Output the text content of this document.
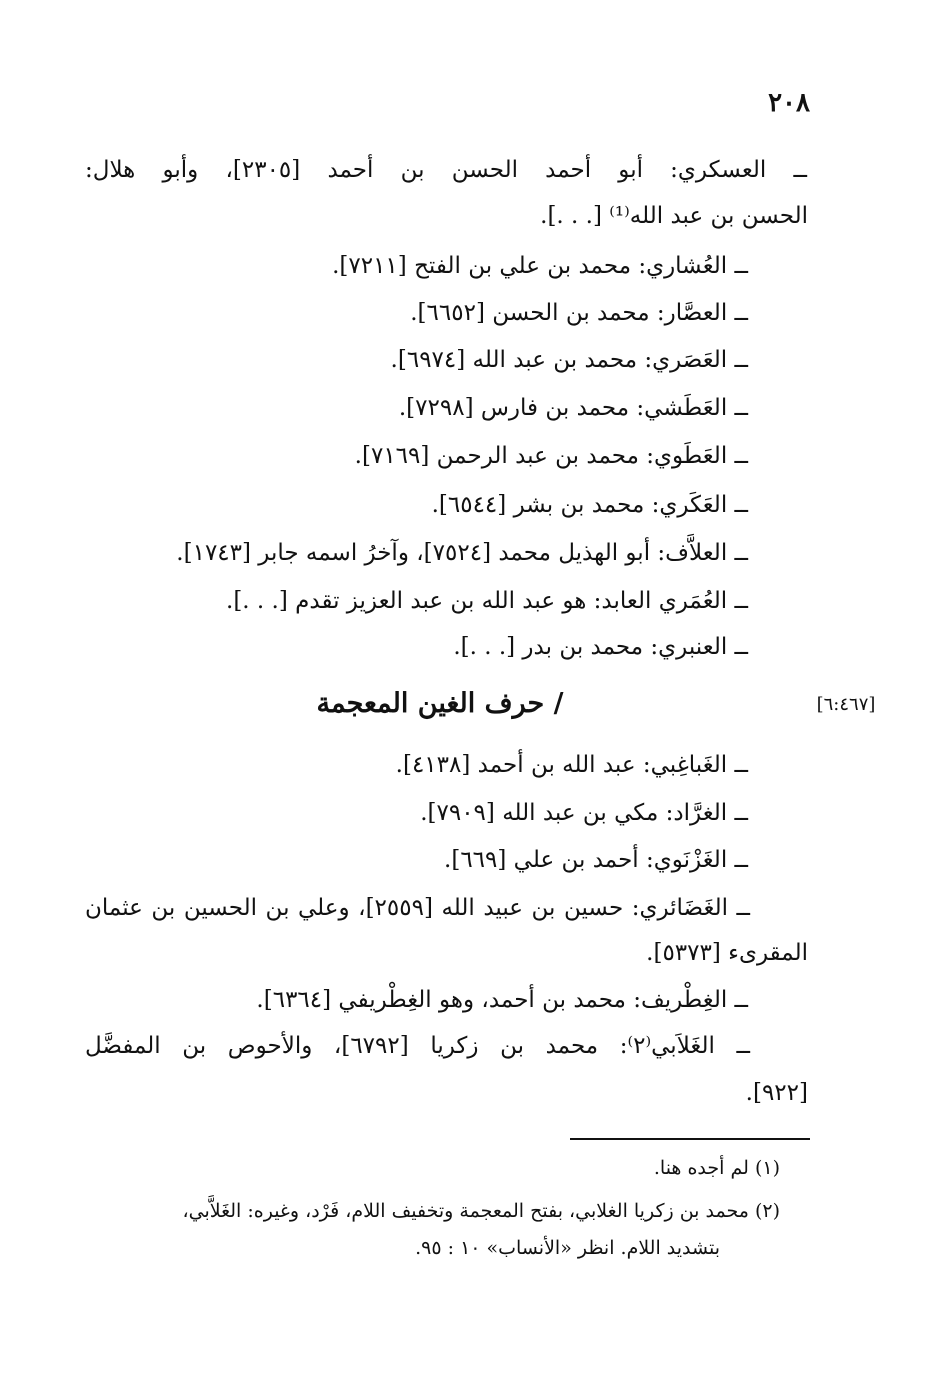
٢٠٨
ــ العسكري: أبو أحمد الحسن بن أحمد [٢٣٠٥]، وأبو هلال:
الحسن بن عبد الله⁽¹⁾ [. . .].
ــ العُشاري: محمد بن علي بن الفتح [٧٢١١].
ــ العصَّار: محمد بن الحسن [٦٦٥٢].
ــ العَصَري: محمد بن عبد الله [٦٩٧٤].
ــ العَطَشي: محمد بن فارس [٧٢٩٨].
ــ العَطَوي: محمد بن عبد الرحمن [٧١٦٩].
ــ العَكَري: محمد بن بشر [٦٥٤٤].
ــ العلاَّف: أبو الهذيل محمد [٧٥٢٤]، وآخرُ اسمه جابر [١٧٤٣].
ــ العُمَري العابد: هو عبد الله بن عبد العزيز تقدم [. . .].
ــ العنبري: محمد بن بدر [. . .].
/ حرف الغين المعجمة	[٦:٤٦٧]
ــ الغَباغِبي: عبد الله بن أحمد [٤١٣٨].
ــ الغرَّاد: مكي بن عبد الله [٧٩٠٩].
ــ الغَزْنَوي: أحمد بن علي [٦٦٩].
ــ الغَضَائري: حسين بن عبيد الله [٢٥٥٩]، وعلي بن الحسين بن عثمان
المقرىء [٥٣٧٣].
ــ الغِطْريف: محمد بن أحمد، وهو الغِطْريفي [٦٣٦٤].
ــ الغَلاَبي⁽٢⁾: محمد بن زكريا [٦٧٩٢]، والأحوص بن المفضَّل
[٩٢٢].
(١) لم أجده هنا.
(٢) محمد بن زكريا الغلابي، بفتح المعجمة وتخفيف اللام، فَرْد، وغيره: الغَلاَّبي،
بتشديد اللام. انظر «الأنساب» ١٠ : ٩٥.
